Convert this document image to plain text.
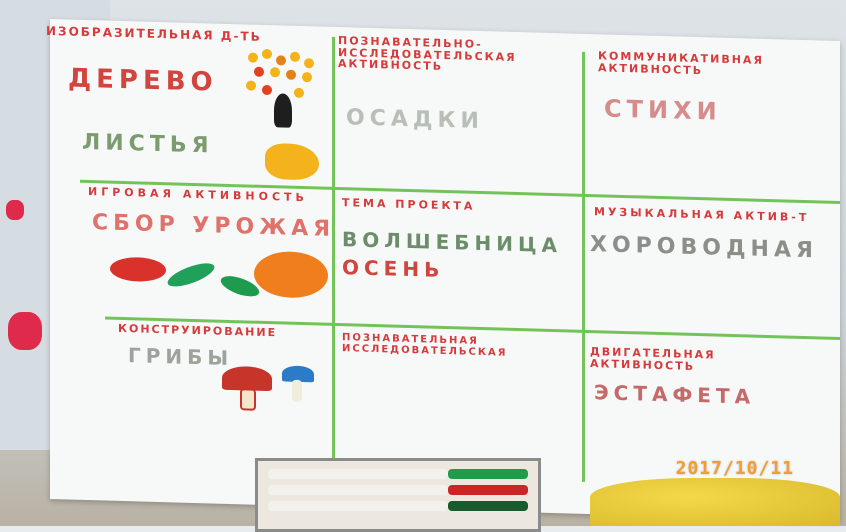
ИЗОБРАЗИТЕЛЬНАЯ Д-ТЬ
ДЕРЕВО
ЛИСТЬЯ
ПОЗНАВАТЕЛЬНО-ИССЛЕДОВАТЕЛЬСКАЯ АКТИВНОСТЬ
ОСАДКИ
КОММУНИКАТИВНАЯ АКТИВНОСТЬ
СТИХИ
ИГРОВАЯ АКТИВНОСТЬ
СБОР УРОЖАЯ
ТЕМА ПРОЕКТА
ВОЛШЕБНИЦА
ОСЕНЬ
МУЗЫКАЛЬНАЯ АКТИВ-Т
ХОРОВОДНАЯ
КОНСТРУИРОВАНИЕ
ГРИБЫ
ПОЗНАВАТЕЛЬНАЯ ИССЛЕДОВАТЕЛЬСКАЯ	ДВИГАТЕЛЬНАЯ АКТИВНОСТЬ
ЭСТАФЕТА
2017/10/11
